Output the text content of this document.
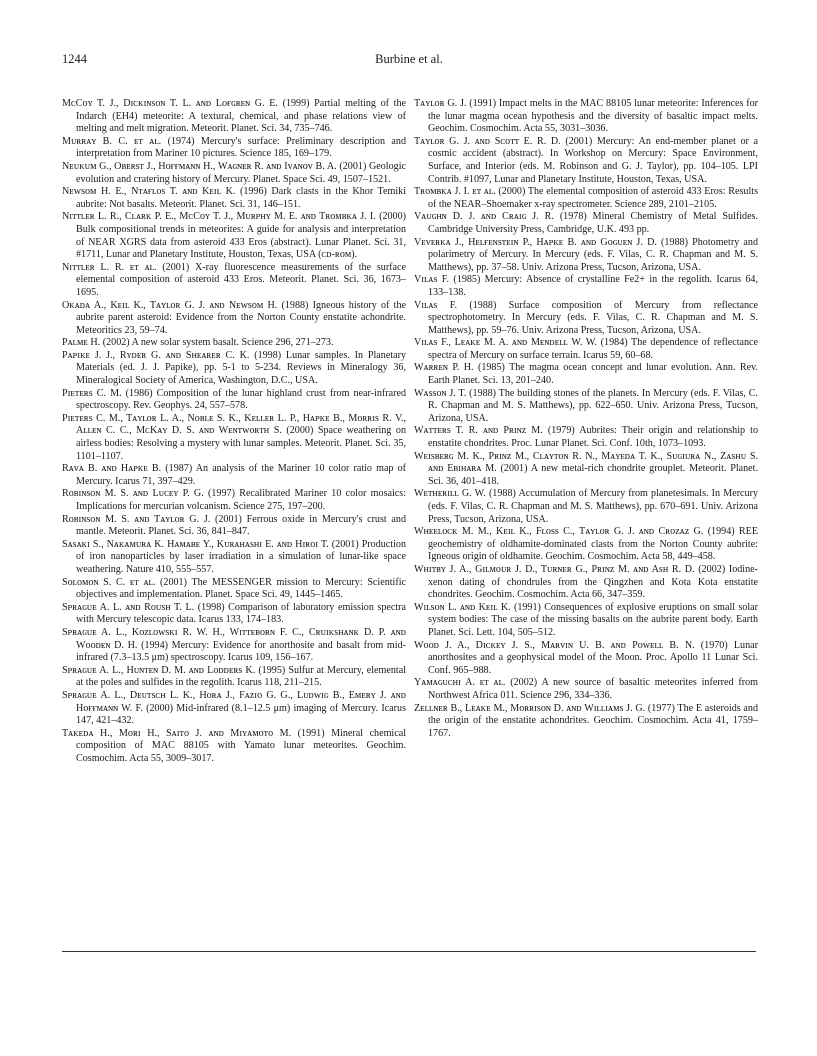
1244	Burbine et al.

MᴄCᴏʏ T. J., Dɪᴄᴋɪɴsᴏɴ T. L. ᴀɴᴅ Lᴏғɢʀᴇɴ G. E. (1999) Partial melting of the Indarch (EH4) meteorite: A textural, chemical, and phase relations view of melting and melt migration. Meteorit. Planet. Sci. 34, 735–746.

Mᴜʀʀᴀʏ B. C. ᴇᴛ ᴀʟ. (1974) Mercury's surface: Preliminary description and interpretation from Mariner 10 pictures. Science 185, 169–179.

Nᴇᴜᴋᴜᴍ G., Oʙᴇʀsᴛ J., Hᴏғғᴍᴀɴɴ H., Wᴀɢɴᴇʀ R. ᴀɴᴅ Iᴠᴀɴᴏᴠ B. A. (2001) Geologic evolution and cratering history of Mercury. Planet. Space Sci. 49, 1507–1521.

Nᴇᴡsᴏᴍ H. E., Nᴛᴀғʟᴏs T. ᴀɴᴅ Kᴇɪʟ K. (1996) Dark clasts in the Khor Temiki aubrite: Not basalts. Meteorit. Planet. Sci. 31, 146–151.

Nɪᴛᴛʟᴇʀ L. R., Cʟᴀʀᴋ P. E., MᴄCᴏʏ T. J., Mᴜʀᴘʜʏ M. E. ᴀɴᴅ Tʀᴏᴍʙᴋᴀ J. I. (2000) Bulk compositional trends in meteorites: A guide for analysis and interpretation of NEAR XGRS data from asteroid 433 Eros (abstract). Lunar Planet. Sci. 31, #1711, Lunar and Planetary Institute, Houston, Texas, USA (ᴄᴅ-ʀᴏᴍ).

Nɪᴛᴛʟᴇʀ L. R. ᴇᴛ ᴀʟ. (2001) X-ray fluorescence measurements of the surface elemental composition of asteroid 433 Eros. Meteorit. Planet. Sci. 36, 1673–1695.

Oᴋᴀᴅᴀ A., Kᴇɪʟ K., Tᴀʏʟᴏʀ G. J. ᴀɴᴅ Nᴇᴡsᴏᴍ H. (1988) Igneous history of the aubrite parent asteroid: Evidence from the Norton County enstatite achondrite. Meteoritics 23, 59–74.

Pᴀʟᴍᴇ H. (2002) A new solar system basalt. Science 296, 271–273.

Pᴀᴘɪᴋᴇ J. J., Rʏᴅᴇʀ G. ᴀɴᴅ Sʜᴇᴀʀᴇʀ C. K. (1998) Lunar samples. In Planetary Materials (ed. J. J. Papike), pp. 5-1 to 5-234. Reviews in Mineralogy 36, Mineralogical Society of America, Washington, D.C., USA.

Pɪᴇᴛᴇʀs C. M. (1986) Composition of the lunar highland crust from near-infrared spectroscopy. Rev. Geophys. 24, 557–578.

Pɪᴇᴛᴇʀs C. M., Tᴀʏʟᴏʀ L. A., Nᴏʙʟᴇ S. K., Kᴇʟʟᴇʀ L. P., Hᴀᴘᴋᴇ B., Mᴏʀʀɪs R. V., Aʟʟᴇɴ C. C., MᴄKᴀʏ D. S. ᴀɴᴅ Wᴇɴᴛᴡᴏʀᴛʜ S. (2000) Space weathering on airless bodies: Resolving a mystery with lunar samples. Meteorit. Planet. Sci. 35, 1101–1107.

Rᴀᴠᴀ B. ᴀɴᴅ Hᴀᴘᴋᴇ B. (1987) An analysis of the Mariner 10 color ratio map of Mercury. Icarus 71, 397–429.

Rᴏʙɪɴsᴏɴ M. S. ᴀɴᴅ Lᴜᴄᴇʏ P. G. (1997) Recalibrated Mariner 10 color mosaics: Implications for mercurian volcanism. Science 275, 197–200.

Rᴏʙɪɴsᴏɴ M. S. ᴀɴᴅ Tᴀʏʟᴏʀ G. J. (2001) Ferrous oxide in Mercury's crust and mantle. Meteorit. Planet. Sci. 36, 841–847.

Sᴀsᴀᴋɪ S., Nᴀᴋᴀᴍᴜʀᴀ K. Hᴀᴍᴀʙᴇ Y., Kᴜʀᴀʜᴀsʜɪ E. ᴀɴᴅ Hɪʀᴏɪ T. (2001) Production of iron nanoparticles by laser irradiation in a simulation of lunar-like space weathering. Nature 410, 555–557.

Sᴏʟᴏᴍᴏɴ S. C. ᴇᴛ ᴀʟ. (2001) The MESSENGER mission to Mercury: Scientific objectives and implementation. Planet. Space Sci. 49, 1445–1465.

Sᴘʀᴀɢᴜᴇ A. L. ᴀɴᴅ Rᴏᴜsʜ T. L. (1998) Comparison of laboratory emission spectra with Mercury telescopic data. Icarus 133, 174–183.

Sᴘʀᴀɢᴜᴇ A. L., Kᴏᴢʟᴏᴡsᴋɪ R. W. H., Wɪᴛᴛᴇʙᴏʀɴ F. C., Cʀᴜɪᴋsʜᴀɴᴋ D. P. ᴀɴᴅ Wᴏᴏᴅᴇɴ D. H. (1994) Mercury: Evidence for anorthosite and basalt from mid-infrared (7.3–13.5 μm) spectroscopy. Icarus 109, 156–167.

Sᴘʀᴀɢᴜᴇ A. L., Hᴜɴᴛᴇɴ D. M. ᴀɴᴅ Lᴏᴅᴅᴇʀs K. (1995) Sulfur at Mercury, elemental at the poles and sulfides in the regolith. Icarus 118, 211–215.

Sᴘʀᴀɢᴜᴇ A. L., Dᴇᴜᴛsᴄʜ L. K., Hᴏʀᴀ J., Fᴀᴢɪᴏ G. G., Lᴜᴅᴡɪɢ B., Eᴍᴇʀʏ J. ᴀɴᴅ Hᴏғғᴍᴀɴɴ W. F. (2000) Mid-infrared (8.1–12.5 μm) imaging of Mercury. Icarus 147, 421–432.

Tᴀᴋᴇᴅᴀ H., Mᴏʀɪ H., Sᴀɪᴛᴏ J. ᴀɴᴅ Mɪʏᴀᴍᴏᴛᴏ M. (1991) Mineral chemical composition of MAC 88105 with Yamato lunar meteorites. Geochim. Cosmochim. Acta 55, 3009–3017.

Tᴀʏʟᴏʀ G. J. (1991) Impact melts in the MAC 88105 lunar meteorite: Inferences for the lunar magma ocean hypothesis and the diversity of basaltic impact melts. Geochim. Cosmochim. Acta 55, 3031–3036.

Tᴀʏʟᴏʀ G. J. ᴀɴᴅ Sᴄᴏᴛᴛ E. R. D. (2001) Mercury: An end-member planet or a cosmic accident (abstract). In Workshop on Mercury: Space Environment, Surface, and Interior (eds. M. Robinson and G. J. Taylor), pp. 104–105. LPI Contrib. #1097, Lunar and Planetary Institute, Houston, Texas, USA.

Tʀᴏᴍʙᴋᴀ J. I. ᴇᴛ ᴀʟ. (2000) The elemental composition of asteroid 433 Eros: Results of the NEAR–Shoemaker x-ray spectrometer. Science 289, 2101–2105.

Vᴀᴜɢʜɴ D. J. ᴀɴᴅ Cʀᴀɪɢ J. R. (1978) Mineral Chemistry of Metal Sulfides. Cambridge University Press, Cambridge, U.K. 493 pp.

Vᴇᴠᴇʀᴋᴀ J., Hᴇʟғᴇɴsᴛᴇɪɴ P., Hᴀᴘᴋᴇ B. ᴀɴᴅ Gᴏɢᴜᴇɴ J. D. (1988) Photometry and polarimetry of Mercury. In Mercury (eds. F. Vilas, C. R. Chapman and M. S. Matthews), pp. 37–58. Univ. Arizona Press, Tucson, Arizona, USA.

Vɪʟᴀs F. (1985) Mercury: Absence of crystalline Fe2+ in the regolith. Icarus 64, 133–138.

Vɪʟᴀs F. (1988) Surface composition of Mercury from reflectance spectrophotometry. In Mercury (eds. F. Vilas, C. R. Chapman and M. S. Matthews), pp. 59–76. Univ. Arizona Press, Tucson, Arizona, USA.

Vɪʟᴀs F., Lᴇᴀᴋᴇ M. A. ᴀɴᴅ Mᴇɴᴅᴇʟʟ W. W. (1984) The dependence of reflectance spectra of Mercury on surface terrain. Icarus 59, 60–68.

Wᴀʀʀᴇɴ P. H. (1985) The magma ocean concept and lunar evolution. Ann. Rev. Earth Planet. Sci. 13, 201–240.

Wᴀssᴏɴ J. T. (1988) The building stones of the planets. In Mercury (eds. F. Vilas, C. R. Chapman and M. S. Matthews), pp. 622–650. Univ. Arizona Press, Tucson, Arizona, USA.

Wᴀᴛᴛᴇʀs T. R. ᴀɴᴅ Pʀɪɴᴢ M. (1979) Aubrites: Their origin and relationship to enstatite chondrites. Proc. Lunar Planet. Sci. Conf. 10th, 1073–1093.

Wᴇɪsʙᴇʀɢ M. K., Pʀɪɴᴢ M., Cʟᴀʏᴛᴏɴ R. N., Mᴀʏᴇᴅᴀ T. K., Sᴜɢɪᴜʀᴀ N., Zᴀsʜᴜ S. ᴀɴᴅ Eʙɪʜᴀʀᴀ M. (2001) A new metal-rich chondrite grouplet. Meteorit. Planet. Sci. 36, 401–418.

Wᴇᴛʜᴇʀɪʟʟ G. W. (1988) Accumulation of Mercury from planetesimals. In Mercury (eds. F. Vilas, C. R. Chapman and M. S. Matthews), pp. 670–691. Univ. Arizona Press, Tucson, Arizona, USA.

Wʜᴇᴇʟᴏᴄᴋ M. M., Kᴇɪʟ K., Fʟᴏss C., Tᴀʏʟᴏʀ G. J. ᴀɴᴅ Cʀᴏᴢᴀᴢ G. (1994) REE geochemistry of oldhamite-dominated clasts from the Norton County aubrite: Igneous origin of oldhamite. Geochim. Cosmochim. Acta 58, 449–458.

Wʜɪᴛʙʏ J. A., Gɪʟᴍᴏᴜʀ J. D., Tᴜʀɴᴇʀ G., Pʀɪɴᴢ M. ᴀɴᴅ Asʜ R. D. (2002) Iodine-xenon dating of chondrules from the Qingzhen and Kota Kota enstatite chondrites. Geochim. Cosmochim. Acta 66, 347–359.

Wɪʟsᴏɴ L. ᴀɴᴅ Kᴇɪʟ K. (1991) Consequences of explosive eruptions on small solar system bodies: The case of the missing basalts on the aubrite parent body. Earth Planet. Sci. Lett. 104, 505–512.

Wᴏᴏᴅ J. A., Dɪᴄᴋᴇʏ J. S., Mᴀʀᴠɪɴ U. B. ᴀɴᴅ Pᴏᴡᴇʟʟ B. N. (1970) Lunar anorthosites and a geophysical model of the Moon. Proc. Apollo 11 Lunar Sci. Conf. 965–988.

Yᴀᴍᴀɢᴜᴄʜɪ A. ᴇᴛ ᴀʟ. (2002) A new source of basaltic meteorites inferred from Northwest Africa 011. Science 296, 334–336.

Zᴇʟʟɴᴇʀ B., Lᴇᴀᴋᴇ M., Mᴏʀʀɪsᴏɴ D. ᴀɴᴅ Wɪʟʟɪᴀᴍs J. G. (1977) The E asteroids and the origin of the enstatite achondrites. Geochim. Cosmochim. Acta 41, 1759–1767.
